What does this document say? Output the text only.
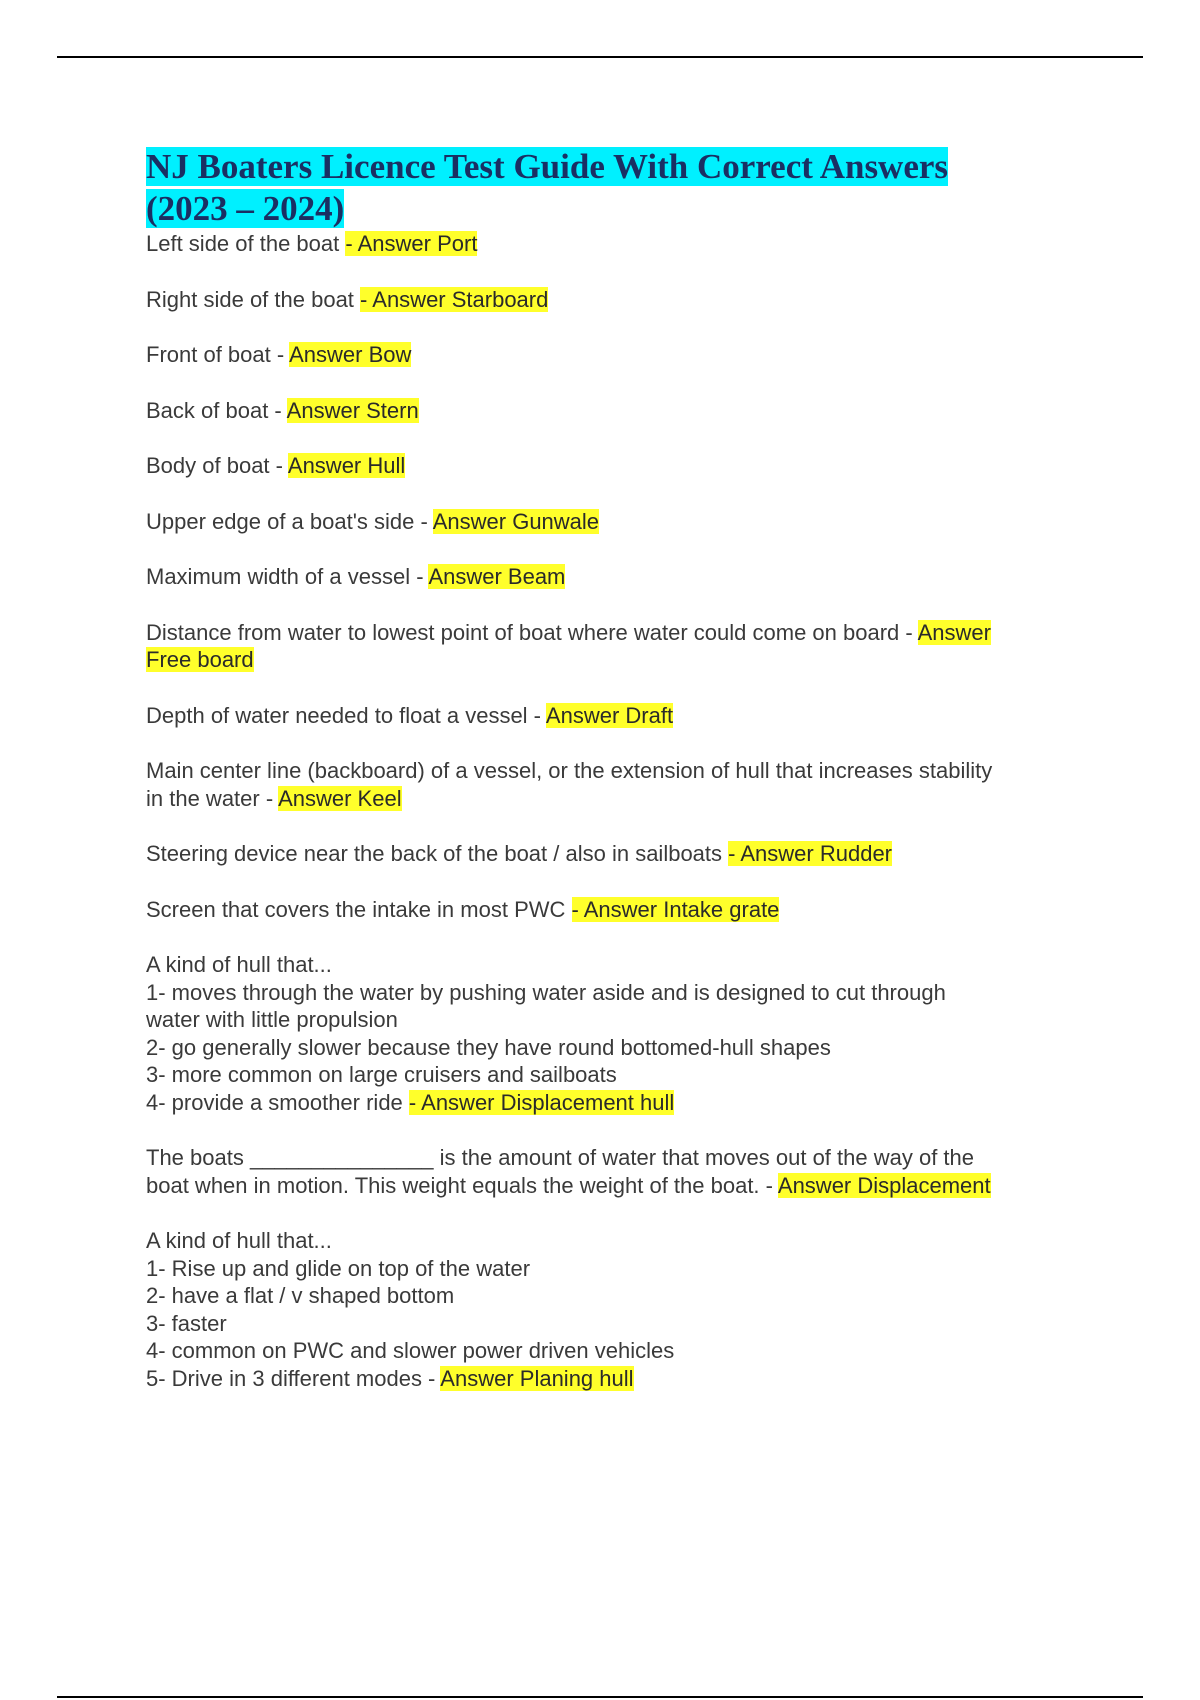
NJ Boaters Licence Test Guide With Correct Answers
(2023 – 2024)

Left side of the boat - Answer Port

Right side of the boat - Answer Starboard

Front of boat - Answer Bow

Back of boat - Answer Stern

Body of boat - Answer Hull

Upper edge of a boat's side - Answer Gunwale

Maximum width of a vessel - Answer Beam

Distance from water to lowest point of boat where water could come on board - Answer
Free board

Depth of water needed to float a vessel - Answer Draft

Main center line (backboard) of a vessel, or the extension of hull that increases stability
in the water - Answer Keel

Steering device near the back of the boat / also in sailboats - Answer Rudder

Screen that covers the intake in most PWC - Answer Intake grate

A kind of hull that...
1- moves through the water by pushing water aside and is designed to cut through
water with little propulsion
2- go generally slower because they have round bottomed-hull shapes
3- more common on large cruisers and sailboats
4- provide a smoother ride - Answer Displacement hull

The boats _______________ is the amount of water that moves out of the way of the
boat when in motion. This weight equals the weight of the boat. - Answer Displacement

A kind of hull that...
1- Rise up and glide on top of the water
2- have a flat / v shaped bottom
3- faster
4- common on PWC and slower power driven vehicles
5- Drive in 3 different modes - Answer Planing hull
